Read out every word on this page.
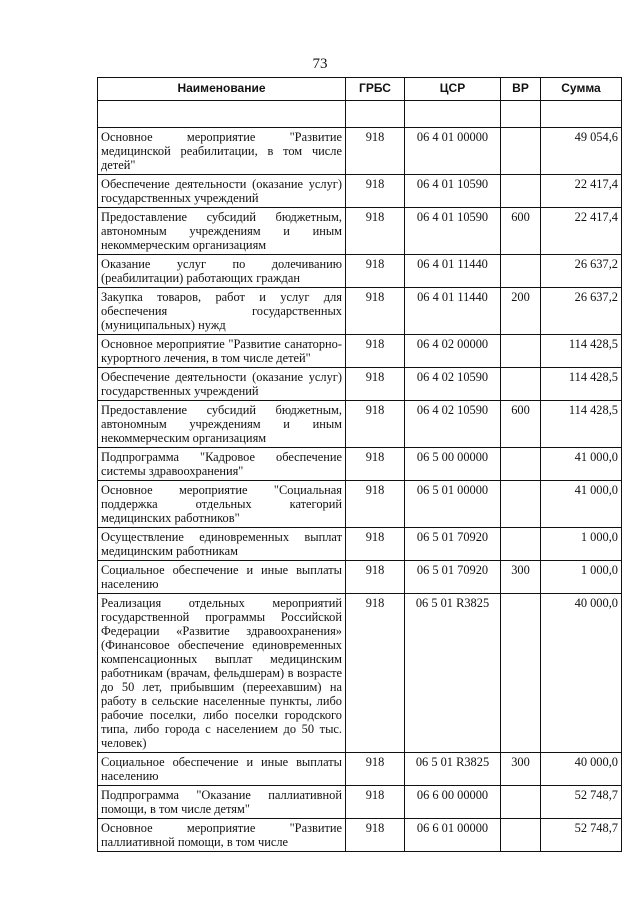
73
Наименование	ГРБС	ЦСР	ВР	Сумма

Основное мероприятие "Развитие медицинской реабилитации, в том числе детей"	918	06 4 01 00000		49 054,6
Обеспечение деятельности (оказание услуг) государственных учреждений	918	06 4 01 10590		22 417,4
Предоставление субсидий бюджетным, автономным учреждениям и иным некоммерческим организациям	918	06 4 01 10590	600	22 417,4
Оказание услуг по долечиванию (реабилитации) работающих граждан	918	06 4 01 11440		26 637,2
Закупка товаров, работ и услуг для обеспечения государственных (муниципальных) нужд	918	06 4 01 11440	200	26 637,2
Основное мероприятие "Развитие санаторно-курортного лечения, в том числе детей"	918	06 4 02 00000		114 428,5
Обеспечение деятельности (оказание услуг) государственных учреждений	918	06 4 02 10590		114 428,5
Предоставление субсидий бюджетным, автономным учреждениям и иным некоммерческим организациям	918	06 4 02 10590	600	114 428,5
Подпрограмма "Кадровое обеспечение системы здравоохранения"	918	06 5 00 00000		41 000,0
Основное мероприятие "Социальная поддержка отдельных категорий медицинских работников"	918	06 5 01 00000		41 000,0
Осуществление единовременных выплат медицинским работникам	918	06 5 01 70920		1 000,0
Социальное обеспечение и иные выплаты населению	918	06 5 01 70920	300	1 000,0
Реализация отдельных мероприятий государственной программы Российской Федерации «Развитие здравоохранения» (Финансовое обеспечение единовременных компенсационных выплат медицинским работникам (врачам, фельдшерам) в возрасте до 50 лет, прибывшим (переехавшим) на работу в сельские населенные пункты, либо рабочие поселки, либо поселки городского типа, либо города с населением до 50 тыс. человек)	918	06 5 01 R3825		40 000,0
Социальное обеспечение и иные выплаты населению	918	06 5 01 R3825	300	40 000,0
Подпрограмма "Оказание паллиативной помощи, в том числе детям"	918	06 6 00 00000		52 748,7
Основное мероприятие "Развитие паллиативной помощи, в том числе	918	06 6 01 00000		52 748,7
